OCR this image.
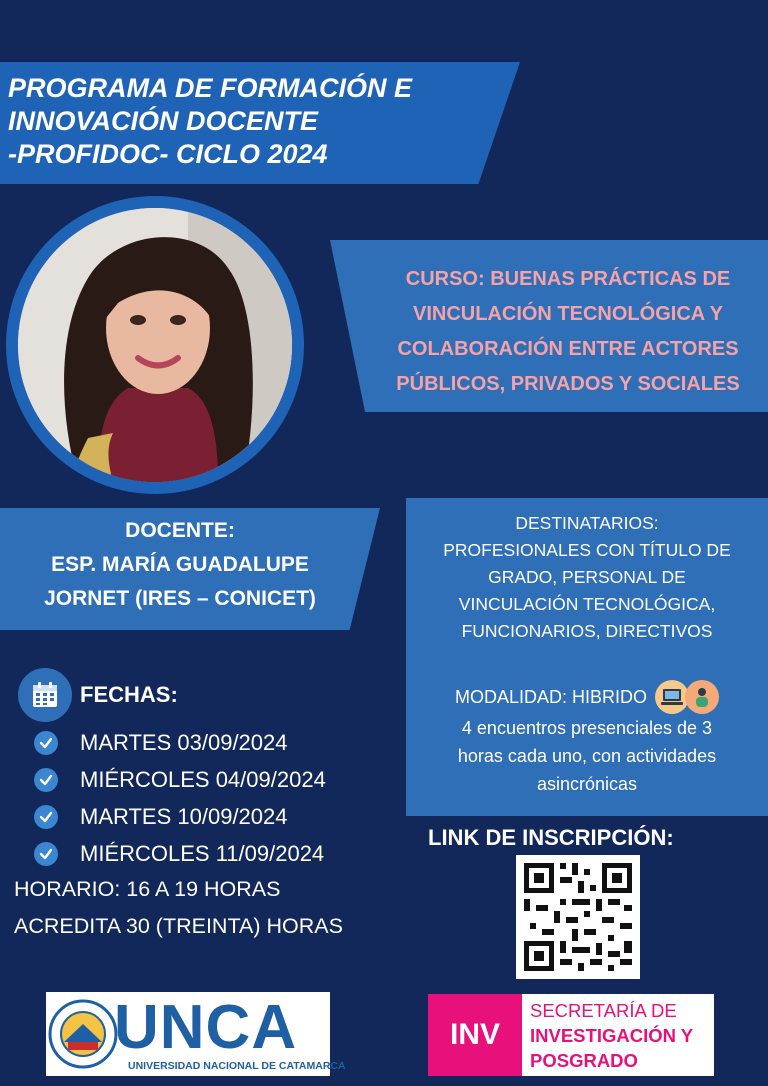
PROGRAMA DE FORMACIÓN E
INNOVACIÓN DOCENTE
-PROFIDOC- CICLO 2024
CURSO: BUENAS PRÁCTICAS DE
VINCULACIÓN TECNOLÓGICA Y
COLABORACIÓN ENTRE ACTORES
PÚBLICOS, PRIVADOS Y SOCIALES
DOCENTE:
ESP. MARÍA GUADALUPE
JORNET (IRES – CONICET)
DESTINATARIOS:
PROFESIONALES CON TÍTULO DE
GRADO, PERSONAL DE
VINCULACIÓN TECNOLÓGICA,
FUNCIONARIOS, DIRECTIVOS
MODALIDAD: HIBRIDO
4 encuentros presenciales de 3
horas cada uno, con actividades
asincrónicas
FECHAS:
MARTES 03/09/2024
MIÉRCOLES 04/09/2024
MARTES 10/09/2024
MIÉRCOLES 11/09/2024
HORARIO: 16 A 19 HORAS
ACREDITA 30 (TREINTA) HORAS
LINK DE INSCRIPCIÓN:
UNCA
UNIVERSIDAD NACIONAL DE CATAMARCA
INV
SECRETARÍA DE
INVESTIGACIÓN Y
POSGRADO
